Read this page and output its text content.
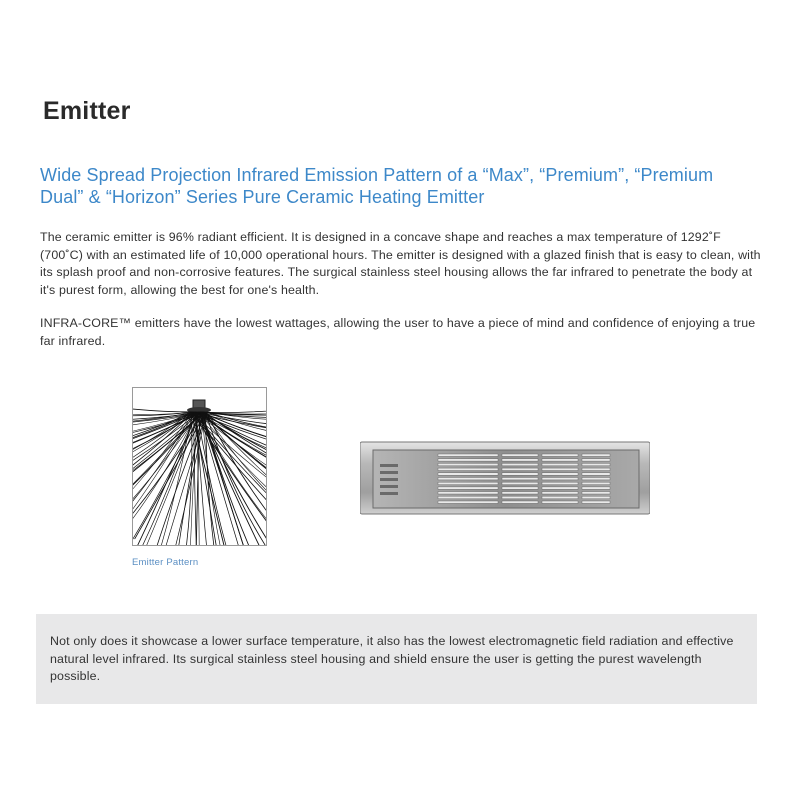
Emitter
Wide Spread Projection Infrared Emission Pattern of a “Max”, “Premium”, “Premium Dual” & “Horizon” Series Pure Ceramic Heating Emitter

The ceramic emitter is 96% radiant efficient. It is designed in a concave shape and reaches a max temperature of 1292˚F (700˚C) with an estimated life of 10,000 operational hours. The emitter is designed with a glazed finish that is easy to clean, with its splash proof and non-corrosive features. The surgical stainless steel housing allows the far infrared to penetrate the body at it's purest form, allowing the best for one's health.

INFRA-CORE™ emitters have the lowest wattages, allowing the user to have a piece of mind and confidence of enjoying a true far infrared.

Emitter Pattern

Not only does it showcase a lower surface temperature, it also has the lowest electromagnetic field radiation and effective natural level infrared. Its surgical stainless steel housing and shield ensure the user is getting the purest wavelength possible.
